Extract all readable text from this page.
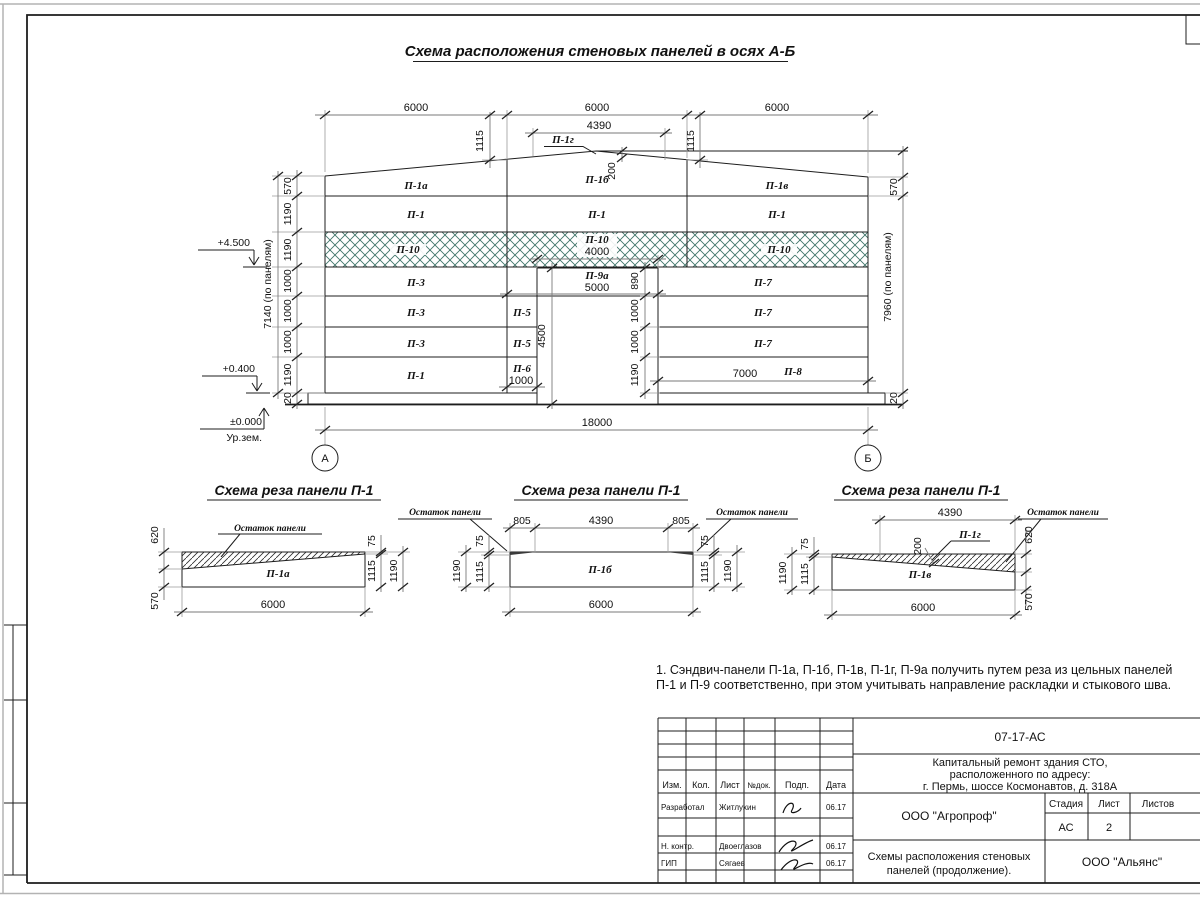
Схема расположения стеновых панелей в осях А-Б
6000	6000	6000
4390
1115	1115
200
4000
5000
4500
1000
7000
890
1000
1000
1190
570
1190
1190
1000
1000
1000
1190
20
7140 (по панелям)
570
7960 (по панелям)
20
18000
П-1г
П-1а	П-1б	П-1в
П-1	П-1	П-1
П-10
П-10
П-10
П-3
П-9а
П-7
П-3	П-5	П-7
П-3	П-5	П-7
П-1
П-6	П-8
+4.500
+0.400
±0.000
Ур.зем.
А	Б
Схема реза панели П-1
Остаток панели
П-1а
620
570
75
1115 1190
6000
Схема реза панели П-1
Остаток панели	Остаток панели
П-1б
805	4390	805
75
1115
1190
75
1115 1190
6000
Схема реза панели П-1
Остаток панели
П-1г
200
П-1в
4390
75
1115
1190
620
570
6000
1. Сэндвич-панели П-1а, П-1б, П-1в, П-1г, П-9а получить путем реза из цельных панелей
П-1 и П-9 соответственно, при этом учитывать направление раскладки и стыкового шва.
Изм. Кол. Лист №док. Подп. Дата
Разработал Житлухин	06.17
Н. контр.	Двоеглазов	06.17
ГИП	Сягаев	06.17
07-17-АС
Капитальный ремонт здания СТО,
расположенного по адресу:
г. Пермь, шоссе Космонавтов, д. 318А
ООО "Агропроф"
Стадия Лист Листов
АС	2
Схемы расположения стеновых
панелей (продолжение).
ООО "Альянс"
